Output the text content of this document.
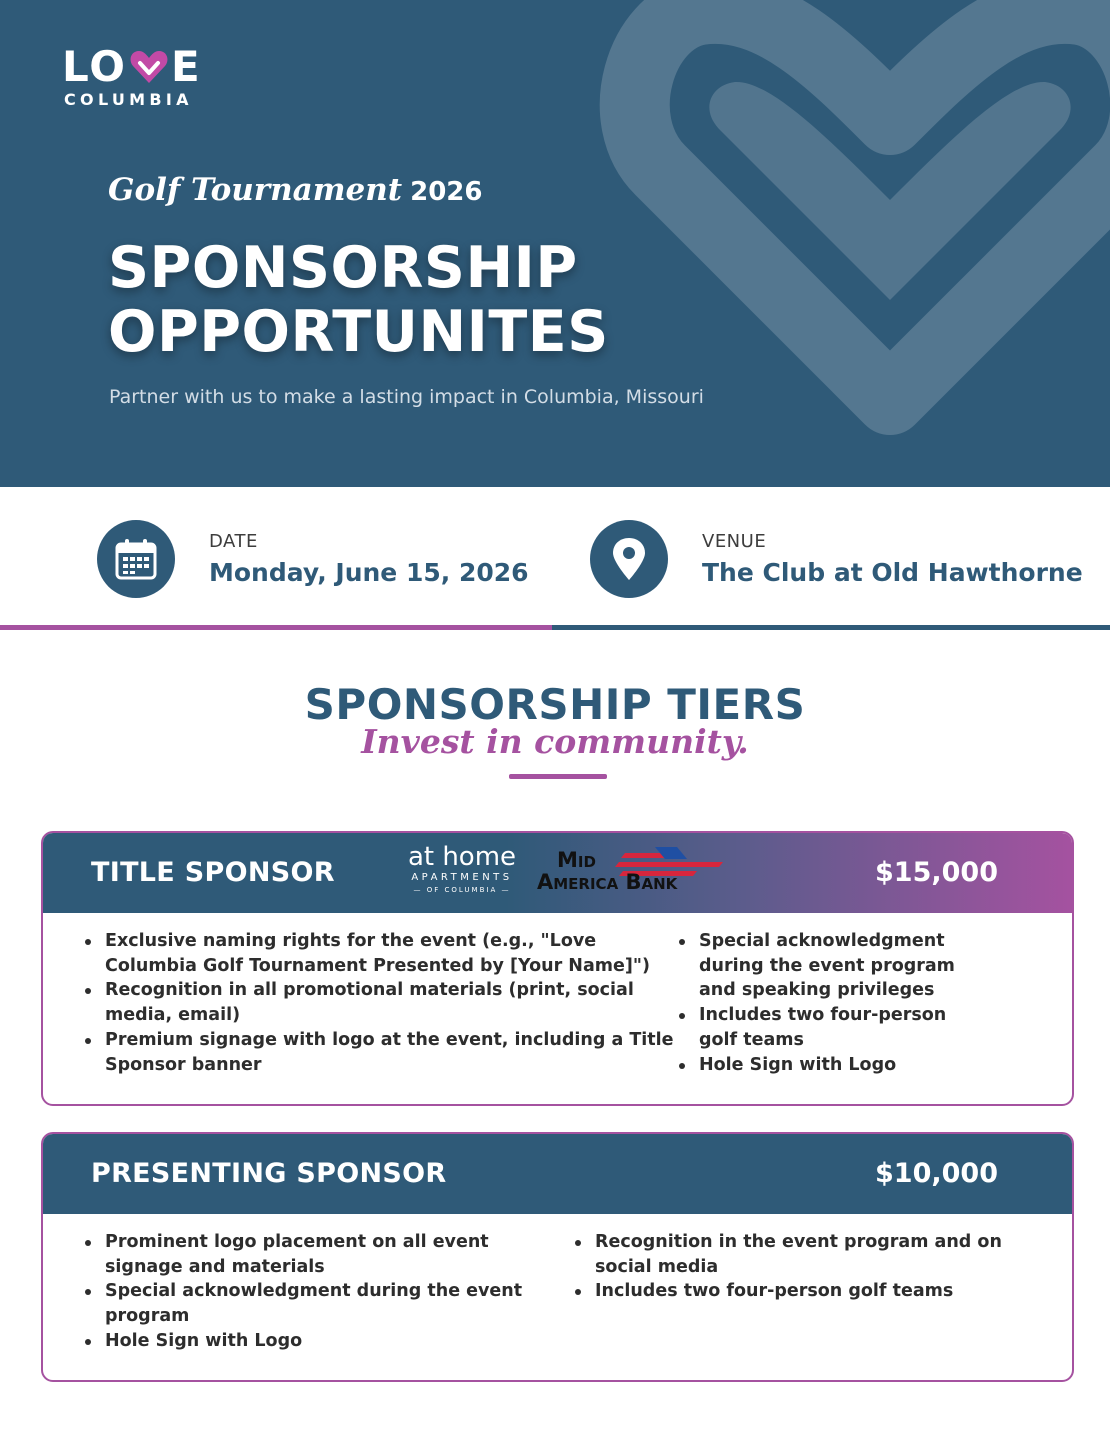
LO E
COLUMBIA
Golf Tournament 2026
SPONSORSHIP
OPPORTUNITES

Partner with us to make a lasting impact in Columbia, Missouri

DATE
Monday, June 15, 2026
VENUE
The Club at Old Hawthorne
SPONSORSHIP TIERS
Invest in community.
TITLE SPONSOR	at home
APARTMENTS
— OF COLUMBIA —
Mid
America Bank	$15,000
Exclusive naming rights for the event (e.g., "Love Columbia Golf Tournament Presented by [Your Name]")
Recognition in all promotional materials (print, social media, email)
Premium signage with logo at the event, including a Title Sponsor banner
Special acknowledgment during the event program and speaking privileges
Includes two four-person golf teams
Hole Sign with Logo
PRESENTING SPONSOR	$10,000
Prominent logo placement on all event signage and materials
Special acknowledgment during the event program
Hole Sign with Logo
Recognition in the event program and on social media
Includes two four-person golf teams
